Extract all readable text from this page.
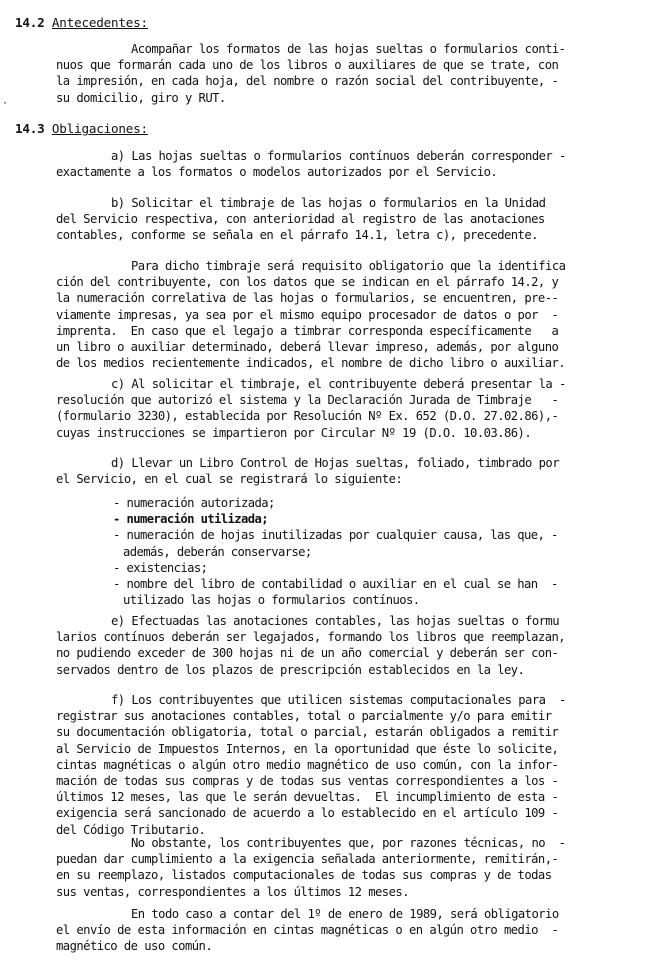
14.2 Antecedentes:
Acompañar los formatos de las hojas sueltas o formularios conti-
nuos que formarán cada uno de los libros o auxiliares de que se trate, con
la impresión, en cada hoja, del nombre o razón social del contribuyente, -
su domicilio, giro y RUT.
14.3 Obligaciones:
a) Las hojas sueltas o formularios contínuos deberán corresponder -
exactamente a los formatos o modelos autorizados por el Servicio.
b) Solicitar el timbraje de las hojas o formularios en la Unidad
del Servicio respectiva, con anterioridad al registro de las anotaciones
contables, conforme se señala en el párrafo 14.1, letra c), precedente.
Para dicho timbraje será requisito obligatorio que la identifica
ción del contribuyente, con los datos que se indican en el párrafo 14.2, y
la numeración correlativa de las hojas o formularios, se encuentren, pre--
viamente impresas, ya sea por el mismo equipo procesador de datos o por  -
imprenta.  En caso que el legajo a timbrar corresponda específicamente   a
un libro o auxiliar determinado, deberá llevar impreso, además, por alguno
de los medios recientemente indicados, el nombre de dicho libro o auxiliar.
c) Al solicitar el timbraje, el contribuyente deberá presentar la -
resolución que autorizó el sistema y la Declaración Jurada de Timbraje   -
(formulario 3230), establecida por Resolución Nº Ex. 652 (D.O. 27.02.86),-
cuyas instrucciones se impartieron por Circular Nº 19 (D.O. 10.03.86).
d) Llevar un Libro Control de Hojas sueltas, foliado, timbrado por
el Servicio, en el cual se registrará lo siguiente:
- numeración autorizada;
- numeración utilizada;
- numeración de hojas inutilizadas por cualquier causa, las que, -
además, deberán conservarse;
- existencias;
- nombre del libro de contabilidad o auxiliar en el cual se han  -
utilizado las hojas o formularios contínuos.
e) Efectuadas las anotaciones contables, las hojas sueltas o formu
larios contínuos deberán ser legajados, formando los libros que reemplazan,
no pudiendo exceder de 300 hojas ni de un año comercial y deberán ser con-
servados dentro de los plazos de prescripción establecidos en la ley.
f) Los contribuyentes que utilicen sistemas computacionales para  -
registrar sus anotaciones contables, total o parcialmente y/o para emitir
su documentación obligatoria, total o parcial, estarán obligados a remitir
al Servicio de Impuestos Internos, en la oportunidad que éste lo solicite,
cintas magnéticas o algún otro medio magnético de uso común, con la infor-
mación de todas sus compras y de todas sus ventas correspondientes a los -
últimos 12 meses, las que le serán devueltas.  El incumplimiento de esta -
exigencia será sancionado de acuerdo a lo establecido en el artículo 109 -
del Código Tributario.
No obstante, los contribuyentes que, por razones técnicas, no  -
puedan dar cumplimiento a la exigencia señalada anteriormente, remitirán,-
en su reemplazo, listados computacionales de todas sus compras y de todas
sus ventas, correspondientes a los últimos 12 meses.
En todo caso a contar del 1º de enero de 1989, será obligatorio
el envío de esta información en cintas magnéticas o en algún otro medio  -
magnético de uso común.
·
